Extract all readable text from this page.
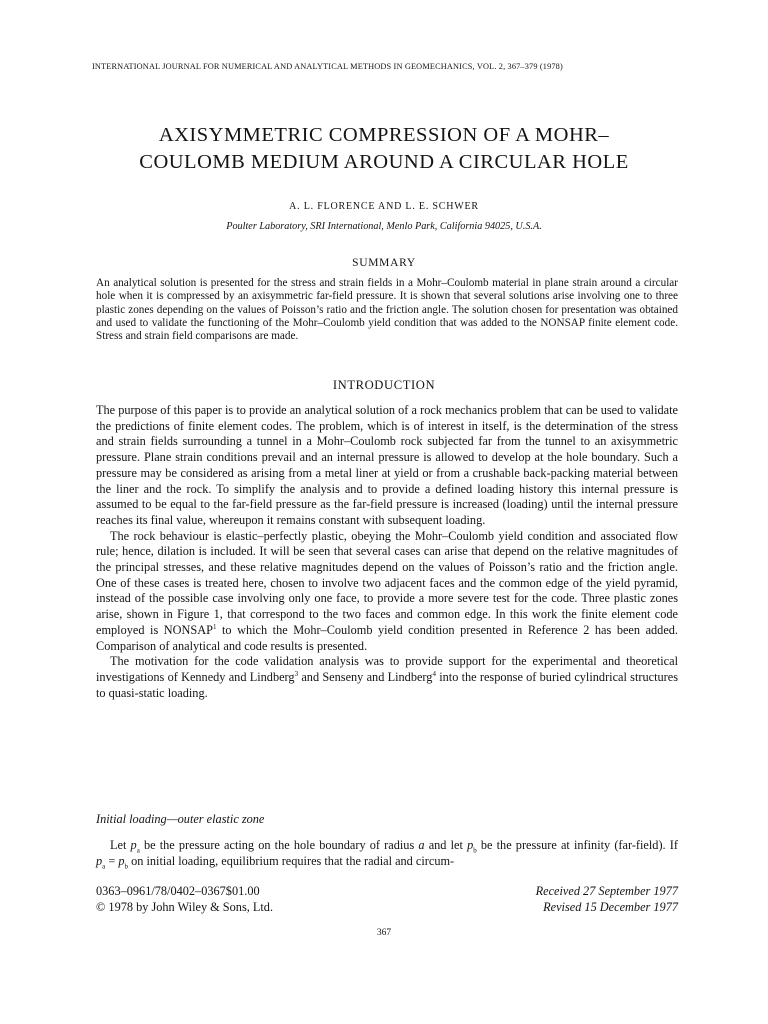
INTERNATIONAL JOURNAL FOR NUMERICAL AND ANALYTICAL METHODS IN GEOMECHANICS, VOL. 2, 367–379 (1978)
AXISYMMETRIC COMPRESSION OF A MOHR–
COULOMB MEDIUM AROUND A CIRCULAR HOLE
A. L. FLORENCE AND L. E. SCHWER
Poulter Laboratory, SRI International, Menlo Park, California 94025, U.S.A.
SUMMARY
An analytical solution is presented for the stress and strain fields in a Mohr–Coulomb material in plane strain around a circular hole when it is compressed by an axisymmetric far-field pressure. It is shown that several solutions arise involving one to three plastic zones depending on the values of Poisson’s ratio and the friction angle. The solution chosen for presentation was obtained and used to validate the functioning of the Mohr–Coulomb yield condition that was added to the NONSAP finite element code. Stress and strain field comparisons are made.
INTRODUCTION

The purpose of this paper is to provide an analytical solution of a rock mechanics problem that can be used to validate the predictions of finite element codes. The problem, which is of interest in itself, is the determination of the stress and strain fields surrounding a tunnel in a Mohr–Coulomb rock subjected far from the tunnel to an axisymmetric pressure. Plane strain conditions prevail and an internal pressure is allowed to develop at the hole boundary. Such a pressure may be considered as arising from a metal liner at yield or from a crushable back-packing material between the liner and the rock. To simplify the analysis and to provide a defined loading history this internal pressure is assumed to be equal to the far-field pressure as the far-field pressure is increased (loading) until the internal pressure reaches its final value, whereupon it remains constant with subsequent loading.

The rock behaviour is elastic–perfectly plastic, obeying the Mohr–Coulomb yield condition and associated flow rule; hence, dilation is included. It will be seen that several cases can arise that depend on the relative magnitudes of the principal stresses, and these relative magnitudes depend on the values of Poisson’s ratio and the friction angle. One of these cases is treated here, chosen to involve two adjacent faces and the common edge of the yield pyramid, instead of the possible case involving only one face, to provide a more severe test for the code. Three plastic zones arise, shown in Figure 1, that correspond to the two faces and common edge. In this work the finite element code employed is NONSAP$^1$ to which the Mohr–Coulomb yield condition presented in Reference 2 has been added. Comparison of analytical and code results is presented.

The motivation for the code validation analysis was to provide support for the experimental and theoretical investigations of Kennedy and Lindberg$^3$ and Senseny and Lindberg$^4$ into the response of buried cylindrical structures to quasi-static loading.

Initial loading—outer elastic zone
Let $p_a$ be the pressure acting on the hole boundary of radius a and let $p_b$ be the pressure at infinity (far-field). If $p_a = p_b$ on initial loading, equilibrium requires that the radial and circum-
0363–0961/78/0402–0367$01.00
© 1978 by John Wiley & Sons, Ltd.
Received 27 September 1977
Revised 15 December 1977
367
